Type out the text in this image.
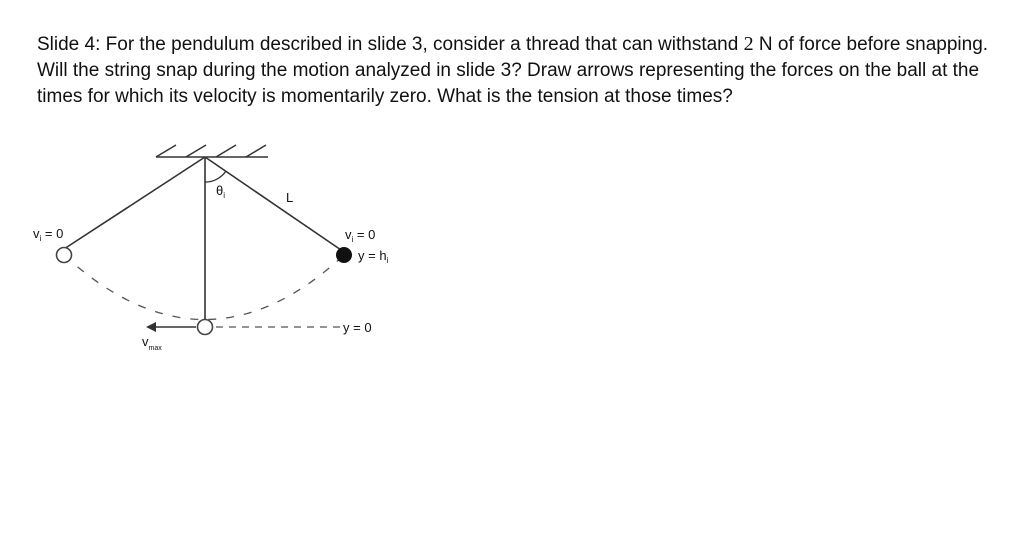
Slide 4: For the pendulum described in slide 3, consider a thread that can withstand 2 N of force before snapping. Will the string snap during the motion analyzed in slide 3? Draw arrows representing the forces on the ball at the times for which its velocity is momentarily zero. What is the tension at those times?

$\theta_i$	L
$v_i = 0$	$v_i = 0$
$y = h_i$
y = 0
$v_{max}$
